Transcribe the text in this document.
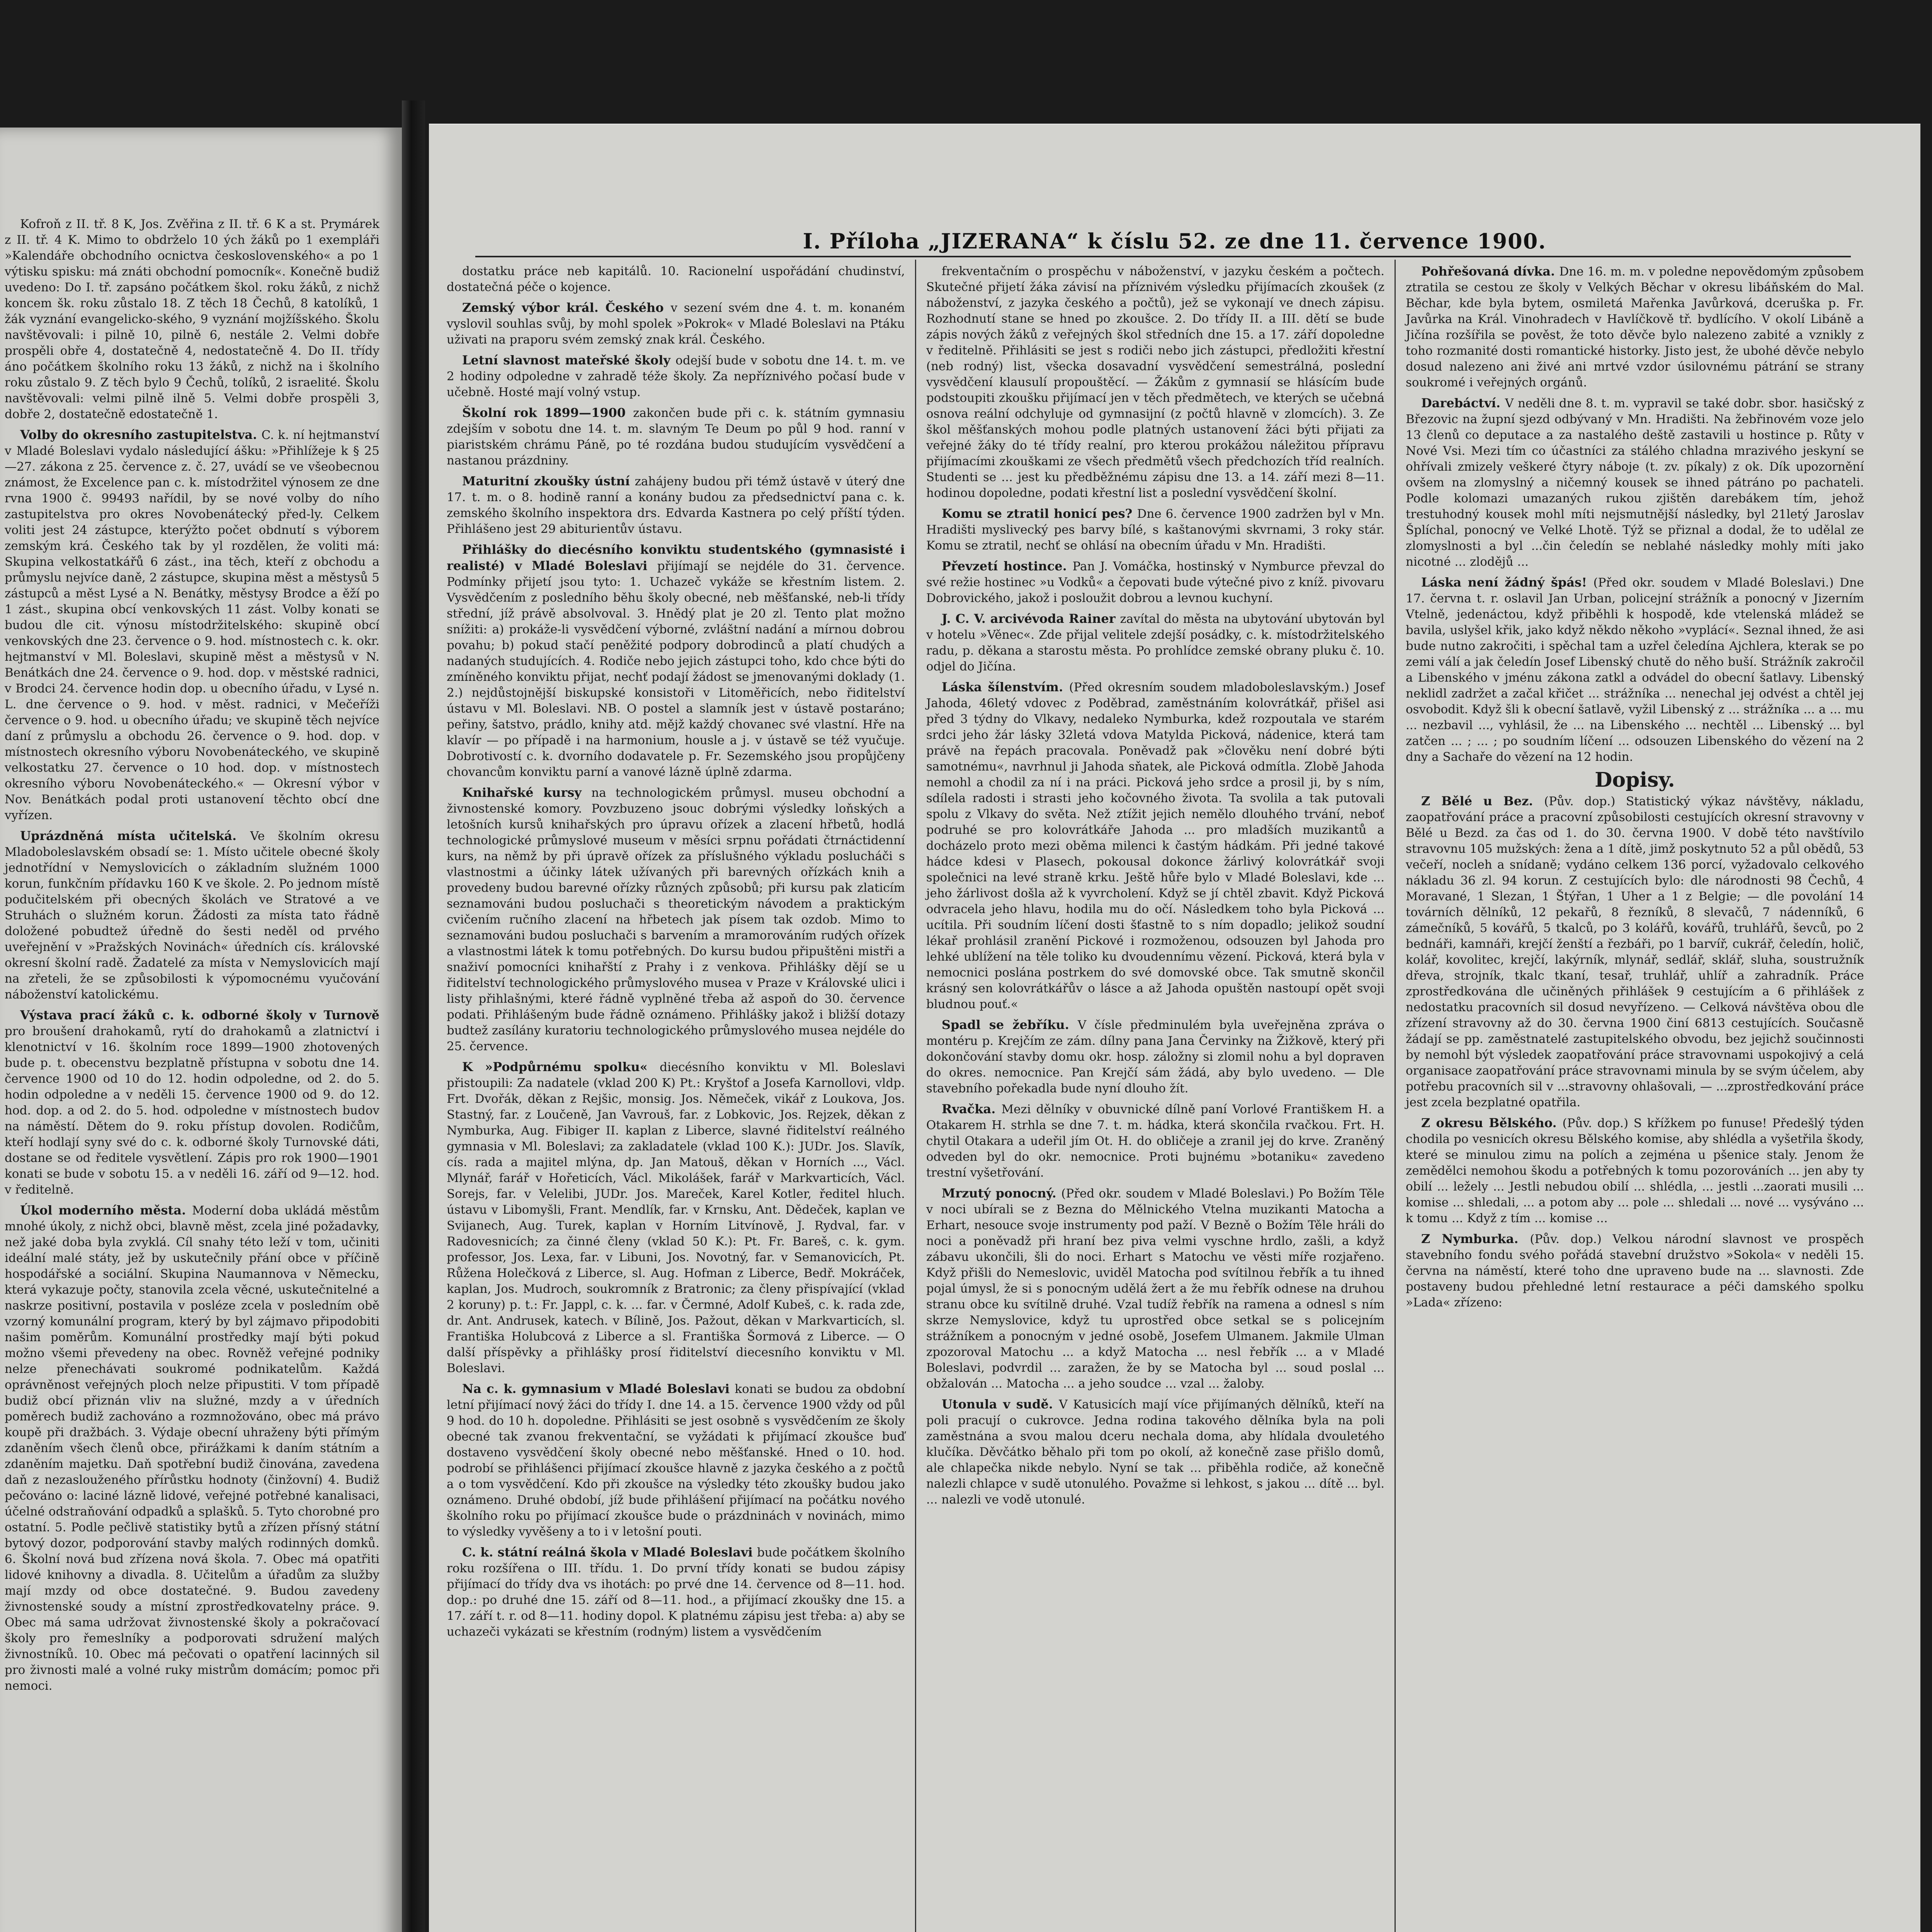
Kofroň z II. tř. 8 K, Jos. Zvěřina z II. tř. 6 K a st. Prymárek z II. tř. 4 K. Mimo to obdrželo 10 ých žáků po 1 exempláři »Kalendáře obchodního ocnictva československého« a po 1 výtisku spisku: má znáti obchodní pomocník«. Konečně budiž uvedeno: Do I. tř. zapsáno počátkem škol. roku žáků, z nichž koncem šk. roku zůstalo 18. Z těch 18 Čechů, 8 katolíků, 1 žák vyznání evangelicko-ského, 9 vyznání mojžíšského. Školu navštěvovali: i pilně 10, pilně 6, nestále 2. Velmi dobře prospěli obře 4, dostatečně 4, nedostatečně 4. Do II. třídy áno počátkem školního roku 13 žáků, z nichž na i školního roku zůstalo 9. Z těch bylo 9 Čechů, tolíků, 2 israelité. Školu navštěvovali: velmi pilně ilně 5. Velmi dobře prospěli 3, dobře 2, dostatečně edostatečně 1.

Volby do okresního zastupitelstva. C. k. ní hejtmanství v Mladé Boleslavi vydalo následující ášku: »Přihlížeje k § 25—27. zákona z 25. července z. č. 27, uvádí se ve všeobecnou známost, že Excelence pan c. k. místodržitel výnosem ze dne rvna 1900 č. 99493 nařídil, by se nové volby do ního zastupitelstva pro okres Novobenátecký před-ly. Celkem voliti jest 24 zástupce, kterýžto počet obdnutí s výborem zemským krá. Českého tak by yl rozdělen, že voliti má: Skupina velkostatkářů 6 zást., ina těch, kteří z obchodu a průmyslu nejvíce daně, 2 zástupce, skupina měst a městysů 5 zástupců a měst Lysé a N. Benátky, městysy Brodce a ěží po 1 zást., skupina obcí venkovských 11 zást. Volby konati se budou dle cit. výnosu místodržitelského: skupině obcí venkovských dne 23. července o 9. hod. místnostech c. k. okr. hejtmanství v Ml. Boleslavi, skupině měst a městysů v N. Benátkách dne 24. července o 9. hod. dop. v městské radnici, v Brodci 24. července hodin dop. u obecního úřadu, v Lysé n. L. dne července o 9. hod. v měst. radnici, v Mečeříži července o 9. hod. u obecního úřadu; ve skupině těch nejvíce daní z průmyslu a obchodu 26. července o 9. hod. dop. v místnostech okresního výboru Novobenáteckého, ve skupině velkostatku 27. července o 10 hod. dop. v místnostech okresního výboru Novobenáteckého.« — Okresní výbor v Nov. Benátkách podal proti ustanovení těchto obcí dne vyřízen.

Uprázdněná místa učitelská. Ve školním okresu Mladoboleslavském obsadí se: 1. Místo učitele obecné školy jednotřídní v Nemyslovicích o základním služném 1000 korun, funkčním přídavku 160 K ve škole. 2. Po jednom místě podučitelském při obecných školách ve Stratové a ve Struhách o služném korun. Žádosti za místa tato řádně doložené pobudtež úředně do šesti neděl od prvého uveřejnění v »Pražských Novinách« úředních cís. královské okresní školní radě. Žadatelé za místa v Nemyslovicích mají na zřeteli, že se způsobilosti k výpomocnému vyučování náboženství katolickému.

Výstava prací žáků c. k. odborné školy v Turnově pro broušení drahokamů, rytí do drahokamů a zlatnictví i klenotnictví v 16. školním roce 1899—1900 zhotovených bude p. t. obecenstvu bezplatně přístupna v sobotu dne 14. července 1900 od 10 do 12. hodin odpoledne, od 2. do 5. hodin odpoledne a v neděli 15. července 1900 od 9. do 12. hod. dop. a od 2. do 5. hod. odpoledne v místnostech budov na náměstí. Dětem do 9. roku přístup dovolen. Rodičům, kteří hodlají syny své do c. k. odborné školy Turnovské dáti, dostane se od ředitele vysvětlení. Zápis pro rok 1900—1901 konati se bude v sobotu 15. a v neděli 16. září od 9—12. hod. v ředitelně.

Úkol moderního města. Moderní doba ukládá městům mnohé úkoly, z nichž obci, blavně měst, zcela jiné požadavky, než jaké doba byla zvyklá. Cíl snahy této leží v tom, učiniti ideální malé státy, jež by uskutečnily přání obce v příčině hospodářské a sociální. Skupina Naumannova v Německu, která vykazuje počty, stanovila zcela věcné, uskutečnitelné a naskrze positivní, postavila v posléze zcela v posledním obě vzorný komunální program, který by byl zájmavo připodobiti našim poměrům. Komunální prostředky mají býti pokud možno všemi převedeny na obec. Rovněž veřejné podniky nelze přenechávati soukromé podnikatelům. Každá oprávněnost veřejných ploch nelze připustiti. V tom případě budiž obcí přiznán vliv na služné, mzdy a v úředních poměrech budiž zachováno a rozmnožováno, obec má právo koupě při dražbách. 3. Výdaje obecní uhraženy býti přímým zdaněním všech členů obce, přirážkami k daním státním a zdaněním majetku. Daň spotřební budiž činována, zavedena daň z nezaslouženého přírůstku hodnoty (činžovní) 4. Budiž pečováno o: laciné lázně lidové, veřejné potřebné kanalisaci, účelné odstraňování odpadků a splašků. 5. Tyto chorobné pro ostatní. 5. Podle pečlivě statistiky bytů a zřízen přísný státní bytový dozor, podporování stavby malých rodinných domků. 6. Školní nová bud zřízena nová škola. 7. Obec má opatřiti lidové knihovny a divadla. 8. Učitelům a úřadům za služby mají mzdy od obce dostatečné. 9. Budou zavedeny živnostenské soudy a místní zprostředkovatelny práce. 9. Obec má sama udržovat živnostenské školy a pokračovací školy pro řemeslníky a podporovati sdružení malých živnostníků. 10. Obec má pečovati o opatření lacinných sil pro živnosti malé a volné ruky mistrům domácím; pomoc při nemoci.

I. Příloha „JIZERANA“ k číslu 52. ze dne 11. července 1900.

dostatku práce neb kapitálů. 10. Racionelní uspořádání chudinství, dostatečná péče o kojence.

Zemský výbor král. Českého v sezení svém dne 4. t. m. konaném vyslovil souhlas svůj, by mohl spolek »Pokrok« v Mladé Boleslavi na Ptáku uživati na praporu svém zemský znak král. Českého.

Letní slavnost mateřské školy odejší bude v sobotu dne 14. t. m. ve 2 hodiny odpoledne v zahradě téže školy. Za nepříznivého počasí bude v učebně. Hosté mají volný vstup.

Školní rok 1899—1900 zakončen bude při c. k. státním gymnasiu zdejším v sobotu dne 14. t. m. slavným Te Deum po půl 9 hod. ranní v piaristském chrámu Páně, po té rozdána budou studujícím vysvědčení a nastanou prázdniny.

Maturitní zkoušky ústní zahájeny budou při témž ústavě v úterý dne 17. t. m. o 8. hodině ranní a konány budou za předsednictví pana c. k. zemského školního inspektora drs. Edvarda Kastnera po celý příští týden. Přihlášeno jest 29 abiturientův ústavu.

Přihlášky do diecésního konviktu studentského (gymnasisté i realisté) v Mladé Boleslavi přijímají se nejdéle do 31. července. Podmínky přijetí jsou tyto: 1. Uchazeč vykáže se křestním listem. 2. Vysvědčením z posledního běhu školy obecné, neb měšťanské, neb-li třídy střední, jíž právě absolvoval. 3. Hnědý plat je 20 zl. Tento plat možno snížiti: a) prokáže-li vysvědčení výborné, zvláštní nadání a mírnou dobrou povahu; b) pokud stačí peněžité podpory dobrodinců a platí chudých a nadaných studujících. 4. Rodiče nebo jejich zástupci toho, kdo chce býti do zmíněného konviktu přijat, nechť podají žádost se jmenovanými doklady (1. 2.) nejdůstojnější biskupské konsistoři v Litoměřicích, nebo řiditelství ústavu v Ml. Boleslavi. NB. O postel a slamník jest v ústavě postaráno; peřiny, šatstvo, prádlo, knihy atd. mějž každý chovanec své vlastní. Hře na klavír — po případě i na harmonium, housle a j. v ústavě se též vyučuje. Dobrotivostí c. k. dvorního dodavatele p. Fr. Sezemského jsou propůjčeny chovancům konviktu parní a vanové lázně úplně zdarma.

Knihařské kursy na technologickém průmysl. museu obchodní a živnostenské komory. Povzbuzeno jsouc dobrými výsledky loňských a letošních kursů knihařských pro úpravu ořízek a zlacení hřbetů, hodlá technologické průmyslové museum v měsíci srpnu pořádati čtrnáctidenní kurs, na němž by při úpravě ořízek za příslušného výkladu poslucháči s vlastnostmi a účinky látek užívaných při barevných ořízkách knih a provedeny budou barevné ořízky různých způsobů; při kursu pak zlaticím seznamováni budou posluchači s theoretickým návodem a praktickým cvičením ručního zlacení na hřbetech jak písem tak ozdob. Mimo to seznamováni budou posluchači s barvením a mramorováním rudých ořízek a vlastnostmi látek k tomu potřebných. Do kursu budou připuštěni mistři a snaživí pomocníci knihařští z Prahy i z venkova. Přihlášky dějí se u řiditelství technologického průmyslového musea v Praze v Královské ulici i listy přihlašnými, které řádně vyplněné třeba až aspoň do 30. července podati. Přihlášeným bude řádně oznámeno. Přihlášky jakož i bližší dotazy budtež zasílány kuratoriu technologického průmyslového musea nejdéle do 25. července.

K »Podpůrnému spolku« diecésního konviktu v Ml. Boleslavi přistoupili: Za nadatele (vklad 200 K) Pt.: Kryštof a Josefa Karnollovi, vldp. Frt. Dvořák, děkan z Rejšic, monsig. Jos. Němeček, vikář z Loukova, Jos. Stastný, far. z Loučeně, Jan Vavrouš, far. z Lobkovic, Jos. Rejzek, děkan z Nymburka, Aug. Fibiger II. kaplan z Liberce, slavné řiditelství reálného gymnasia v Ml. Boleslavi; za zakladatele (vklad 100 K.): JUDr. Jos. Slavík, cís. rada a majitel mlýna, dp. Jan Matouš, děkan v Horních ..., Václ. Mlynář, farář v Hořeticích, Václ. Mikolášek, farář v Markvarticích, Václ. Sorejs, far. v Velelibi, JUDr. Jos. Mareček, Karel Kotler, ředitel hluch. ústavu v Libomyšli, Frant. Mendlík, far. v Krnsku, Ant. Dědeček, kaplan ve Svijanech, Aug. Turek, kaplan v Horním Litvínově, J. Rydval, far. v Radovesnicích; za činné členy (vklad 50 K.): Pt. Fr. Bareš, c. k. gym. professor, Jos. Lexa, far. v Libuni, Jos. Novotný, far. v Semanovicích, Pt. Růžena Holečková z Liberce, sl. Aug. Hofman z Liberce, Bedř. Mokráček, kaplan, Jos. Mudroch, soukromník z Bratronic; za členy přispívající (vklad 2 koruny) p. t.: Fr. Jappl, c. k. ... far. v Čermné, Adolf Kubeš, c. k. rada zde, dr. Ant. Andrusek, katech. v Bílině, Jos. Pažout, děkan v Markvarticích, sl. Františka Holubcová z Liberce a sl. Františka Šormová z Liberce. — O další příspěvky a přihlášky prosí řiditelství diecesního konviktu v Ml. Boleslavi.

Na c. k. gymnasium v Mladé Boleslavi konati se budou za obdobní letní přijímací nový žáci do třídy I. dne 14. a 15. července 1900 vždy od půl 9 hod. do 10 h. dopoledne. Přihlásiti se jest osobně s vysvědčením ze školy obecné tak zvanou frekventační, se vyžádati k přijímací zkoušce buď dostaveno vysvědčení školy obecné nebo měšťanské. Hned o 10. hod. podrobí se přihlášenci přijímací zkoušce hlavně z jazyka českého a z počtů a o tom vysvědčení. Kdo při zkoušce na výsledky této zkoušky budou jako oznámeno. Druhé období, jíž bude přihlášení přijímací na počátku nového školního roku po přijímací zkoušce bude o prázdninách v novinách, mimo to výsledky vyvěšeny a to i v letošní pouti.

C. k. státní reálná škola v Mladé Boleslavi bude počátkem školního roku rozšířena o III. třídu. 1. Do první třídy konati se budou zápisy přijímací do třídy dva vs ihotách: po prvé dne 14. července od 8—11. hod. dop.: po druhé dne 15. září od 8—11. hod., a přijímací zkoušky dne 15. a 17. září t. r. od 8—11. hodiny dopol. K platnému zápisu jest třeba: a) aby se uchazeči vykázati se křestním (rodným) listem a vysvědčením

frekventačním o prospěchu v náboženství, v jazyku českém a počtech. Skutečné přijetí žáka závisí na příznivém výsledku přijímacích zkoušek (z náboženství, z jazyka českého a počtů), jež se vykonají ve dnech zápisu. Rozhodnutí stane se hned po zkoušce. 2. Do třídy II. a III. dětí se bude zápis nových žáků z veřejných škol středních dne 15. a 17. září dopoledne v ředitelně. Přihlásiti se jest s rodiči nebo jich zástupci, předložiti křestní (neb rodný) list, všecka dosavadní vysvědčení semestrálná, poslední vysvědčení klausulí propouštěcí. — Žákům z gymnasií se hlásícím bude podstoupiti zkoušku přijímací jen v těch předmětech, ve kterých se učebná osnova reální odchyluje od gymnasijní (z počtů hlavně v zlomcích). 3. Ze škol měšťanských mohou podle platných ustanovení žáci býti přijati za veřejné žáky do té třídy realní, pro kterou prokážou náležitou přípravu přijímacími zkouškami ze všech předmětů všech předchozích tříd realních. Studenti se ... jest ku předběžnému zápisu dne 13. a 14. září mezi 8—11. hodinou dopoledne, podati křestní list a poslední vysvědčení školní.

Komu se ztratil honicí pes? Dne 6. července 1900 zadržen byl v Mn. Hradišti myslivecký pes barvy bílé, s kaštanovými skvrnami, 3 roky stár. Komu se ztratil, nechť se ohlásí na obecním úřadu v Mn. Hradišti.

Převzetí hostince. Pan J. Vomáčka, hostinský v Nymburce převzal do své režie hostinec »u Vodků« a čepovati bude výtečné pivo z kníž. pivovaru Dobrovického, jakož i posloužit dobrou a levnou kuchyní.

J. C. V. arcivévoda Rainer zavítal do města na ubytování ubytován byl v hotelu »Věnec«. Zde přijal velitele zdejší posádky, c. k. místodržitelského radu, p. děkana a starostu města. Po prohlídce zemské obrany pluku č. 10. odjel do Jičína.

Láska šílenstvím. (Před okresním soudem mladoboleslavským.) Josef Jahoda, 46letý vdovec z Poděbrad, zaměstnáním kolovrátkář, přišel asi před 3 týdny do Vlkavy, nedaleko Nymburka, kdež rozpoutala ve starém srdci jeho žár lásky 32letá vdova Matylda Picková, nádenice, která tam právě na řepách pracovala. Poněvadž pak »člověku není dobré býti samotnému«, navrhnul ji Jahoda sňatek, ale Picková odmítla. Zlobě Jahoda nemohl a chodil za ní i na práci. Picková jeho srdce a prosil ji, by s ním, sdílela radosti i strasti jeho kočovného života. Ta svolila a tak putovali spolu z Vlkavy do světa. Než ztížit jejich nemělo dlouhého trvání, neboť podruhé se pro kolovrátkáře Jahoda ... pro mladších muzikantů a docházelo proto mezi oběma milenci k častým hádkám. Při jedné takové hádce kdesi v Plasech, pokousal dokonce žárlivý kolovrátkář svoji společnici na levé straně krku. Ještě hůře bylo v Mladé Boleslavi, kde ... jeho žárlivost došla až k vyvrcholení. Když se jí chtěl zbavit. Když Picková odvracela jeho hlavu, hodila mu do očí. Následkem toho byla Picková ... ucítila. Při soudním líčení dosti šťastně to s ním dopadlo; jelikož soudní lékař prohlásil zranění Pickové i rozmoženou, odsouzen byl Jahoda pro lehké ublížení na těle toliko ku dvoudennímu vězení. Picková, která byla v nemocnici poslána postrkem do své domovské obce. Tak smutně skončil krásný sen kolovrátkářův o lásce a až Jahoda opuštěn nastoupí opět svoji bludnou pouť.«

Spadl se žebříku. V čísle předminulém byla uveřejněna zpráva o montéru p. Krejčím ze zám. dílny pana Jana Červinky na Žižkově, který při dokončování stavby domu okr. hosp. záložny si zlomil nohu a byl dopraven do okres. nemocnice. Pan Krejčí sám žádá, aby bylo uvedeno. — Dle stavebního pořekadla bude nyní dlouho žít.

Rvačka. Mezi dělníky v obuvnické dílně paní Vorlové Františkem H. a Otakarem H. strhla se dne 7. t. m. hádka, která skončila rvačkou. Frt. H. chytil Otakara a udeřil jím Ot. H. do obličeje a zranil jej do krve. Zraněný odveden byl do okr. nemocnice. Proti bujnému »botaniku« zavedeno trestní vyšetřování.

Mrzutý ponocný. (Před okr. soudem v Mladé Boleslavi.) Po Božím Těle v noci ubírali se z Bezna do Mělnického Vtelna muzikanti Matocha a Erhart, nesouce svoje instrumenty pod paží. V Bezně o Božím Těle hráli do noci a poněvadž při hraní bez piva velmi vyschne hrdlo, zašli, a když zábavu ukončili, šli do noci. Erhart s Matochu ve věsti míře rozjařeno. Když přišli do Nemeslovic, uviděl Matocha pod svítilnou řebřík a tu ihned pojal úmysl, že si s ponocným udělá žert a že mu řebřík odnese na druhou stranu obce ku svítilně druhé. Vzal tudíž řebřík na ramena a odnesl s ním skrze Nemyslovice, když tu uprostřed obce setkal se s policejním strážníkem a ponocným v jedné osobě, Josefem Ulmanem. Jakmile Ulman zpozoroval Matochu ... a když Matocha ... nesl řebřík ... a v Mladé Boleslavi, podvrdil ... zaražen, že by se Matocha byl ... soud poslal ... obžalován ... Matocha ... a jeho soudce ... vzal ... žaloby.

Utonula v sudě. V Katusicích mají více přijímaných dělníků, kteří na poli pracují o cukrovce. Jedna rodina takového dělníka byla na poli zaměstnána a svou malou dceru nechala doma, aby hlídala dvouletého klučíka. Děvčátko běhalo při tom po okolí, až konečně zase přišlo domů, ale chlapečka nikde nebylo. Nyní se tak ... přiběhla rodiče, až konečně nalezli chlapce v sudě utonulého. Považme si lehkost, s jakou ... dítě ... byl. ... nalezli ve vodě utonulé.

Pohřešovaná dívka. Dne 16. m. m. v poledne nepovědomým způsobem ztratila se cestou ze školy v Velkých Běchar v okresu libáňském do Mal. Běchar, kde byla bytem, osmiletá Mařenka Javůrková, dceruška p. Fr. Javůrka na Král. Vinohradech v Havlíčkově tř. bydlícího. V okolí Libáně a Jičína rozšířila se pověst, že toto děvče bylo nalezeno zabité a vznikly z toho rozmanité dosti romantické historky. Jisto jest, že ubohé děvče nebylo dosud nalezeno ani živé ani mrtvé vzdor úsilovnému pátrání se strany soukromé i veřejných orgánů.

Darebáctví. V neděli dne 8. t. m. vypravil se také dobr. sbor. hasičský z Březovic na župní sjezd odbývaný v Mn. Hradišti. Na žebřinovém voze jelo 13 členů co deputace a za nastalého deště zastavili u hostince p. Růty v Nové Vsi. Mezi tím co účastníci za stálého chladna mrazivého jeskyní se ohřívali zmizely veškeré čtyry náboje (t. zv. píkaly) z ok. Dík upozornění ovšem na zlomyslný a ničemný kousek se ihned pátráno po pachateli. Podle kolomazi umazaných rukou zjištěn darebákem tím, jehož trestuhodný kousek mohl míti nejsmutnější následky, byl 21letý Jaroslav Šplíchal, ponocný ve Velké Lhotě. Týž se přiznal a dodal, že to udělal ze zlomyslnosti a byl ...čin čeledín se neblahé následky mohly míti jako nicotné ... zlodějů ...

Láska není žádný špás! (Před okr. soudem v Mladé Boleslavi.) Dne 17. června t. r. oslavil Jan Urban, policejní strážník a ponocný v Jizerním Vtelně, jedenáctou, když přiběhli k hospodě, kde vtelenská mládež se bavila, uslyšel křik, jako když někdo někoho »vyplácí«. Seznal ihned, že asi bude nutno zakročiti, i spěchal tam a uzřel čeledína Ajchlera, kterak se po zemi válí a jak čeledín Josef Libenský chutě do něho buší. Strážník zakročil a Libenského v jménu zákona zatkl a odvádel do obecní šatlavy. Libenský neklidl zadržet a začal křičet ... strážníka ... nenechal jej odvést a chtěl jej osvobodit. Když šli k obecní šatlavě, vyžil Libenský z ... strážníka ... a ... mu ... nezbavil ..., vyhlásil, že ... na Libenského ... nechtěl ... Libenský ... byl zatčen ... ; ... ; po soudním líčení ... odsouzen Libenského do vězení na 2 dny a Sachaře do vězení na 12 hodin.

Dopisy.

Z Bělé u Bez. (Pův. dop.) Statistický výkaz návštěvy, nákladu, zaopatřování práce a pracovní způsobilosti cestujících okresní stravovny v Bělé u Bezd. za čas od 1. do 30. června 1900. V době této navštívilo stravovnu 105 mužských: žena a 1 dítě, jimž poskytnuto 52 a půl obědů, 53 večeří, nocleh a snídaně; vydáno celkem 136 porcí, vyžadovalo celkového nákladu 36 zl. 94 korun. Z cestujících bylo: dle národnosti 98 Čechů, 4 Moravané, 1 Slezan, 1 Štýřan, 1 Uher a 1 z Belgie; — dle povolání 14 továrních dělníků, 12 pekařů, 8 řezníků, 8 slevačů, 7 nádenníků, 6 zámečníků, 5 kovářů, 5 tkalců, po 3 kolářů, kovářů, truhlářů, ševců, po 2 bednáři, kamnáři, krejčí ženští a řezbáři, po 1 barvíř, cukrář, čeledín, holič, kolář, kovolitec, krejčí, lakýrník, mlynář, sedlář, sklář, sluha, soustružník dřeva, strojník, tkalc tkaní, tesař, truhlář, uhlíř a zahradník. Práce zprostředkována dle učiněných přihlášek 9 cestujícím a 6 přihlášek z nedostatku pracovních sil dosud nevyřízeno. — Celková návštěva obou dle zřízení stravovny až do 30. června 1900 činí 6813 cestujících. Současně žádají se pp. zaměstnatelé zastupitelského obvodu, bez jejichž součinnosti by nemohl být výsledek zaopatřování práce stravovnami uspokojivý a celá organisace zaopatřování práce stravovnami minula by se svým účelem, aby potřebu pracovních sil v ...stravovny ohlašovali, — ...zprostředkování práce jest zcela bezplatné opatřila.

Z okresu Bělského. (Pův. dop.) S křížkem po funuse! Předešlý týden chodila po vesnicích okresu Bělského komise, aby shlédla a vyšetřila škody, které se minulou zimu na polích a zejména u pšenice staly. Jenom že zemědělci nemohou škodu a potřebných k tomu pozorováních ... jen aby ty obilí ... ležely ... Jestli nebudou obilí ... shlédla, ... jestli ...zaorati musili ... komise ... shledali, ... a potom aby ... pole ... shledali ... nové ... vysýváno ... k tomu ... Když z tím ... komise ...

Z Nymburka. (Pův. dop.) Velkou národní slavnost ve prospěch stavebního fondu svého pořádá stavební družstvo »Sokola« v neděli 15. června na náměstí, které toho dne upraveno bude na ... slavnosti. Zde postaveny budou přehledné letní restaurace a péči damského spolku »Lada« zřízeno:
